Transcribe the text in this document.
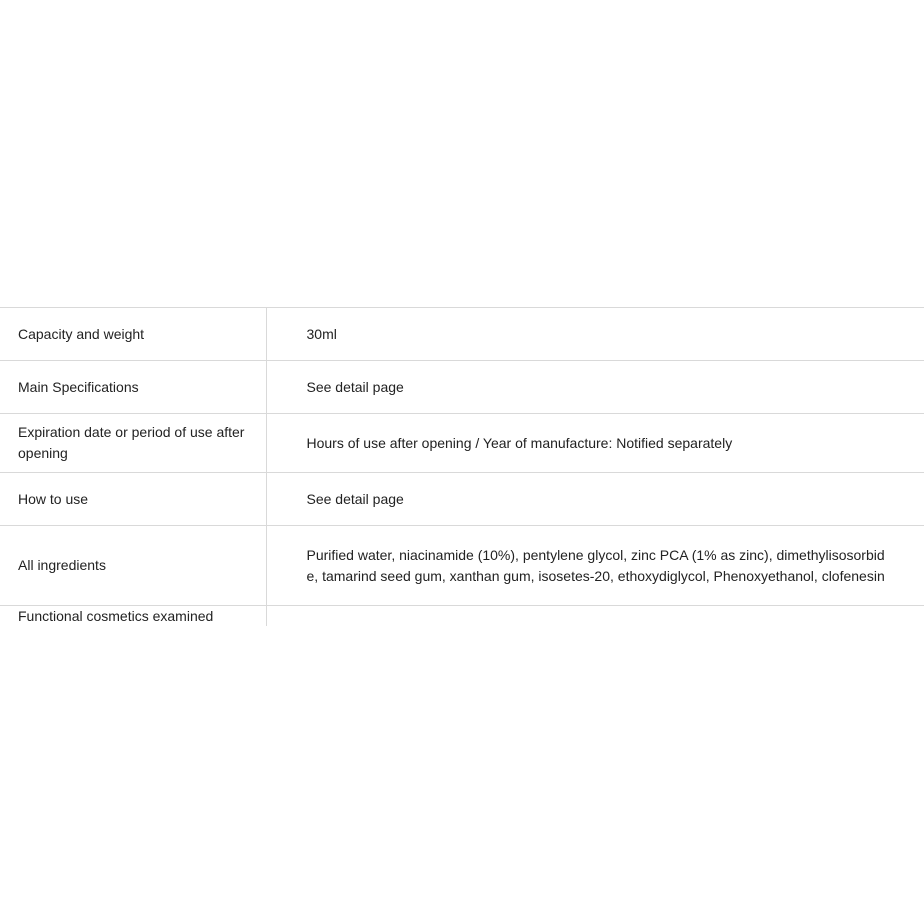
Capacity and weight	30ml

Main Specifications	See detail page

Expiration date or period of use after opening	Hours of use after opening / Year of manufacture: Notified separately

How to use	See detail page

All ingredients	Purified water, niacinamide (10%), pentylene glycol, zinc PCA (1% as zinc), dimethylisosorbide, tamarind seed gum, xanthan gum, isosetes-20, ethoxydiglycol, Phenoxyethanol, clofenesin

Functional cosmetics examined	
